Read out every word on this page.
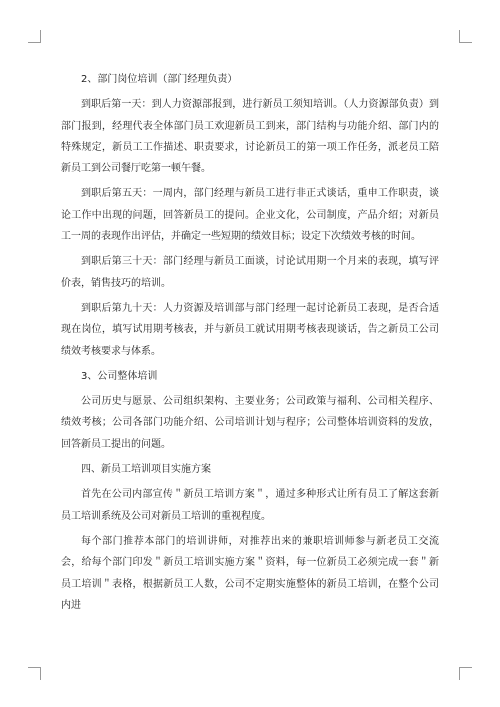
2、部门岗位培训（部门经理负责）

到职后第一天：到人力资源部报到，进行新员工须知培训。（人力资源部负责）到部门报到，经理代表全体部门员工欢迎新员工到来，部门结构与功能介绍、部门内的特殊规定，新员工工作描述、职责要求，讨论新员工的第一项工作任务，派老员工陪新员工到公司餐厅吃第一顿午餐。

到职后第五天：一周内，部门经理与新员工进行非正式谈话，重申工作职责，谈论工作中出现的问题，回答新员工的提问。企业文化，公司制度，产品介绍；对新员工一周的表现作出评估，并确定一些短期的绩效目标；设定下次绩效考核的时间。

到职后第三十天：部门经理与新员工面谈，讨论试用期一个月来的表现，填写评价表，销售技巧的培训。

到职后第九十天：人力资源及培训部与部门经理一起讨论新员工表现，是否合适现在岗位，填写试用期考核表，并与新员工就试用期考核表现谈话，告之新员工公司绩效考核要求与体系。

3、公司整体培训

公司历史与愿景、公司组织架构、主要业务；公司政策与福利、公司相关程序、绩效考核；公司各部门功能介绍、公司培训计划与程序；公司整体培训资料的发放，回答新员工提出的问题。

四、新员工培训项目实施方案

首先在公司内部宣传＂新员工培训方案＂，通过多种形式让所有员工了解这套新员工培训系统及公司对新员工培训的重视程度。

每个部门推荐本部门的培训讲师，对推荐出来的兼职培训师参与新老员工交流会，给每个部门印发＂新员工培训实施方案＂资料，每一位新员工必须完成一套＂新员工培训＂表格，根据新员工人数，公司不定期实施整体的新员工培训，在整个公司内进
